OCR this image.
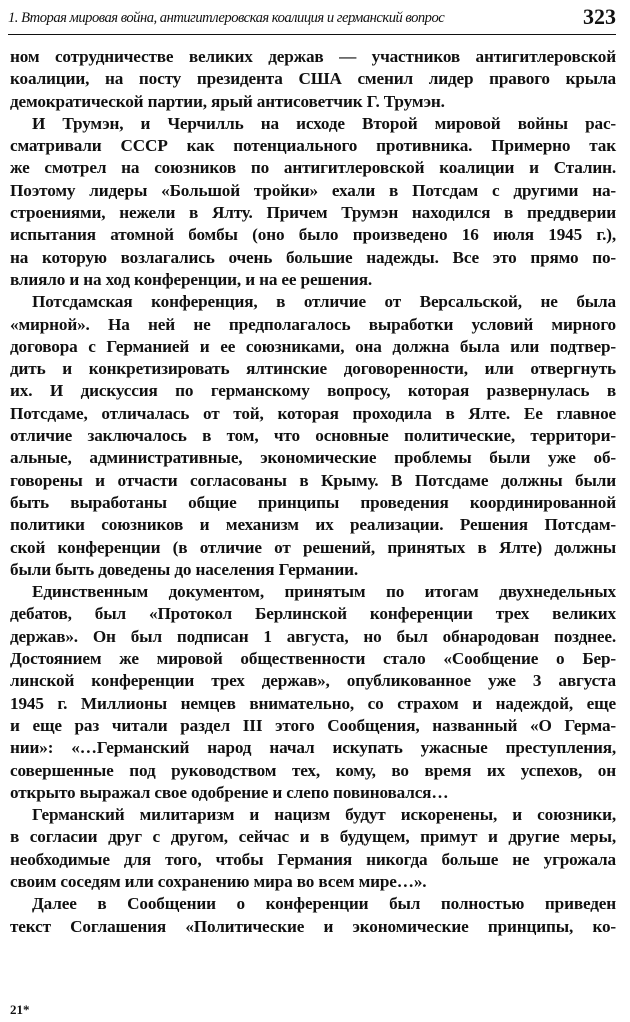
1. Вторая мировая война, антигитлеровская коалиция и германский вопрос	323
ном сотрудничестве великих держав — участников антигитлеровской
коалиции, на посту президента США сменил лидер правого крыла
демократической партии, ярый антисоветчик Г. Трумэн.
И Трумэн, и Черчилль на исходе Второй мировой войны рас-
сматривали СССР как потенциального противника. Примерно так
же смотрел на союзников по антигитлеровской коалиции и Сталин.
Поэтому лидеры «Большой тройки» ехали в Потсдам с другими на-
строениями, нежели в Ялту. Причем Трумэн находился в преддверии
испытания атомной бомбы (оно было произведено 16 июля 1945 г.),
на которую возлагались очень большие надежды. Все это прямо по-
влияло и на ход конференции, и на ее решения.
Потсдамская конференция, в отличие от Версальской, не была
«мирной». На ней не предполагалось выработки условий мирного
договора с Германией и ее союзниками, она должна была или подтвер-
дить и конкретизировать ялтинские договоренности, или отвергнуть
их. И дискуссия по германскому вопросу, которая развернулась в
Потсдаме, отличалась от той, которая проходила в Ялте. Ее главное
отличие заключалось в том, что основные политические, территори-
альные, административные, экономические проблемы были уже об-
говорены и отчасти согласованы в Крыму. В Потсдаме должны были
быть выработаны общие принципы проведения координированной
политики союзников и механизм их реализации. Решения Потсдам-
ской конференции (в отличие от решений, принятых в Ялте) должны
были быть доведены до населения Германии.
Единственным документом, принятым по итогам двухнедельных
дебатов, был «Протокол Берлинской конференции трех великих
держав». Он был подписан 1 августа, но был обнародован позднее.
Достоянием же мировой общественности стало «Сообщение о Бер-
линской конференции трех держав», опубликованное уже 3 августа
1945 г. Миллионы немцев внимательно, со страхом и надеждой, еще
и еще раз читали раздел III этого Сообщения, названный «О Герма-
нии»: «…Германский народ начал искупать ужасные преступления,
совершенные под руководством тех, кому, во время их успехов, он
открыто выражал свое одобрение и слепо повиновался…
Германский милитаризм и нацизм будут искоренены, и союзники,
в согласии друг с другом, сейчас и в будущем, примут и другие меры,
необходимые для того, чтобы Германия никогда больше не угрожала
своим соседям или сохранению мира во всем мире…».
Далее в Сообщении о конференции был полностью приведен
текст Соглашения «Политические и экономические принципы, ко-
21*
